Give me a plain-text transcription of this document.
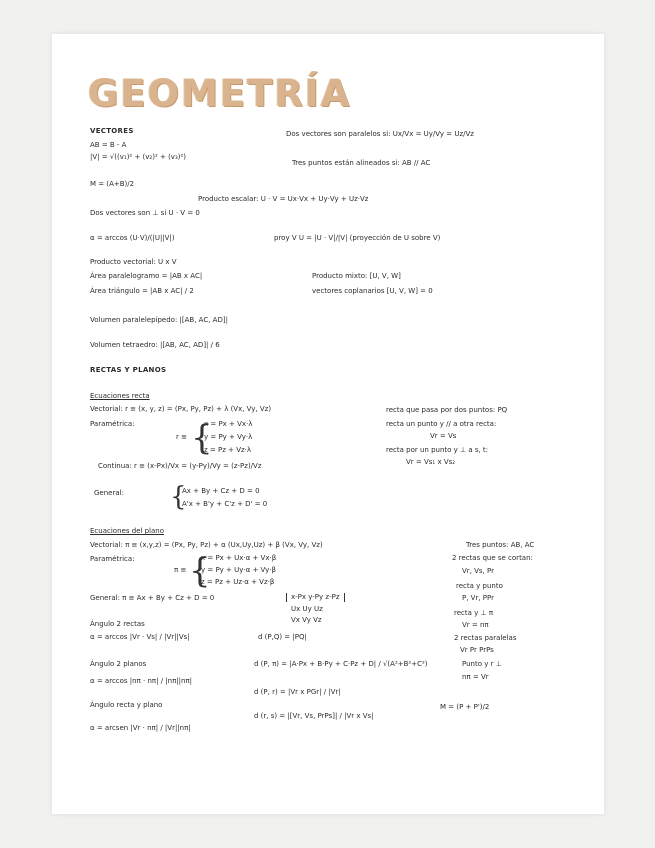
GEOMETRÍA
VECTORES
AB = B - A
|V| = √((v₁)² + (v₂)² + (v₃)²)
Dos vectores son paralelos si: Ux/Vx = Uy/Vy = Uz/Vz
Tres puntos están alineados si: AB // AC
M = (A+B)/2
Producto escalar: U · V = Ux·Vx + Uy·Vy + Uz·Vz
Dos vectores son ⊥ si U · V = 0
α = arccos (U·V)/(|U||V|)	proy V U = |U · V|/|V| (proyección de U sobre V)
Producto vectorial: U x V
Área paralelogramo = |AB x AC|
Área triángulo = |AB x AC| / 2
Producto mixto: [U, V, W]
vectores coplanarios [U, V, W] = 0
Volumen paralelepípedo: |[AB, AC, AD]|
Volumen tetraedro: |[AB, AC, AD]| / 6
RECTAS Y PLANOS
Ecuaciones recta
Vectorial: r ≡ (x, y, z) = (Px, Py, Pz) + λ (Vx, Vy, Vz)
Paramétrica:
r ≡ {
x = Px + Vx·λ
y = Py + Vy·λ
z = Pz + Vz·λ
Continua: r ≡ (x-Px)/Vx = (y-Py)/Vy = (z-Pz)/Vz
General: {
Ax + By + Cz + D = 0
A'x + B'y + C'z + D' = 0
recta que pasa por dos puntos: PQ
recta un punto y // a otra recta:
Vr = Vs
recta por un punto y ⊥ a s, t:
Vr = Vs₁ x Vs₂
Ecuaciones del plano
Vectorial: π ≡ (x,y,z) = (Px, Py, Pz) + α (Ux,Uy,Uz) + β (Vx, Vy, Vz)	Tres puntos: AB, AC
Paramétrica:
π ≡ {
x = Px + Ux·α + Vx·β
y = Py + Uy·α + Vy·β
z = Pz + Uz·α + Vz·β
General: π ≡ Ax + By + Cz + D = 0	x-Px y-Py z-Pz
Ux Uy Uz
Vx Vy Vz
2 rectas que se cortan:
Vr, Vs, Pr
recta y punto
P, Vr, PPr
recta y ⊥ π
Vr = nπ
2 rectas paralelas
Vr Pr PrPs
Punto y r ⊥
nπ = Vr
Ángulo 2 rectas
α = arccos |Vr · Vs| / |Vr||Vs|
Ángulo 2 planos
α = arccos |nπ · nπ| / |nπ||nπ|
Ángulo recta y plano
α = arcsen |Vr · nπ| / |Vr||nπ|
d (P,Q) = |PQ|
d (P, π) = |A·Px + B·Py + C·Pz + D| / √(A²+B²+C²)
d (P, r) = |Vr x PGr| / |Vr|
d (r, s) = |[Vr, Vs, PrPs]| / |Vr x Vs|
M = (P + P')/2
